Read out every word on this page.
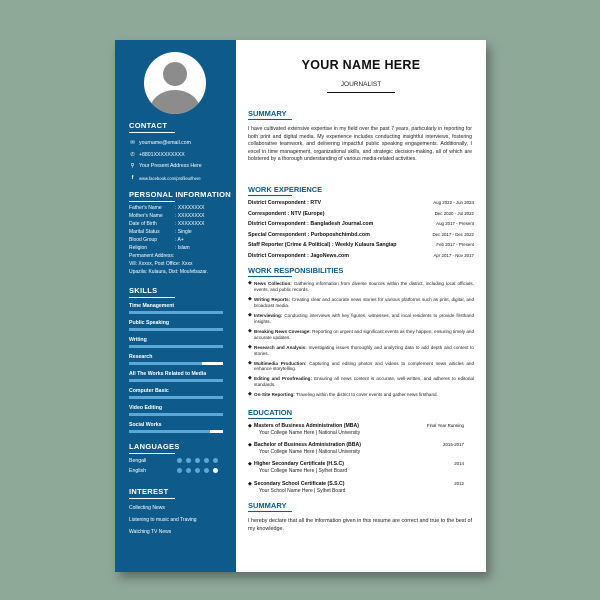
CONTACT
✉ yourname@email.com
✆ +8801XXXXXXXXX
⚲ Your Present Address Here
f	www.facebook.com/profileurlhere
PERSONAL INFORMATION
Father's Name	: XXXXXXXX
Mother's Name : XXXXXXXX
Date of Birth	: XXXXXXXX
Marital Status	: Single
Blood Group	: A+
Religion	: Islam
Permanent Address:
Vill: Xxxxx, Post Office: Xxxx
Upazila: Kulaura, Dist: Moulvibazar.
SKILLS
Time Management
Public Speaking
Writing
Research
All The Works Related to Media
Computer Basic
Video Editing
Social Works
LANGUAGES
Bengali
English
INTEREST
Collecting News
Listening to music and Traving
Watching TV News
YOUR NAME HERE
JOURNALIST
SUMMARY
I have cultivated extensive expertise in my field over the past 7 years, particularly in reporting for both print and digital media. My experience includes conducting insightful interviews, fostering collaborative teamwork, and delivering impactful public speaking engagements. Additionally, I excel in time management, organizational skills, and strategic decision-making, all of which are bolstered by a thorough understanding of various media-related activities.
WORK EXPERIENCE
District Correspondent : RTV	Aug 2022 - Jun 2024
Correspondent : NTV (Europe)	Dec 2020 - Jul 2022
District Correspondent : Bangladesh Journal.com	Aug 2017 - Present
Special Correspondent : Purboposhchimbd.com	Dec 2017 - Dec 2022
Staff Reporter (Crime & Political) : Weekly Kulaura Sangiap	Feb 2017 - Present
District Correspondent : JagoNews.com	Apr 2017 - Nov 2017
WORK RESPONSIBILITIES
◆ News Collection: Gathering information from diverse sources within the district, including local officials, events, and public records.
◆ Writing Reports: Creating clear and accurate news stories for various platforms such as print, digital, and broadcast media.
◆ Interviewing: Conducting interviews with key figures, witnesses, and local residents to provide firsthand insights.
◆ Breaking News Coverage: Reporting on urgent and significant events as they happen, ensuring timely and accurate updates.
◆ Research and Analysis: Investigating issues thoroughly and analyzing data to add depth and context to stories.
◆ Multimedia Production: Capturing and editing photos and videos to complement news articles and enhance storytelling.
◆ Editing and Proofreading: Ensuring all news content is accurate, well-written, and adheres to editorial standards.
◆ On-Site Reporting: Traveling within the district to cover events and gather news firsthand.
EDUCATION
◆ Masters of Business Administration (MBA)	Final Year Running
Your College Name Here | National University
◆ Bachelor of Business Administration (BBA)	2015-2017
Your College Name Here | National University
◆ Higher Secondary Certificate (H.S.C)	2014
Your College Name Here | Sylhet Board
◆ Secondary School Certificate (S.S.C)	2012
Your School Name Here | Sylhet Board
SUMMARY
I hereby declare that all the information given in this resume are correct and true to the best of my knowledge.
